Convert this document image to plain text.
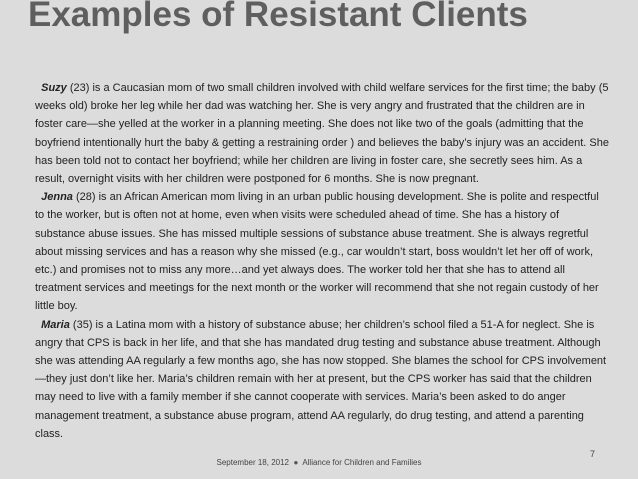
Examples of Resistant Clients

Suzy (23) is a Caucasian mom of two small children involved with child welfare services for the first time; the baby (5 weeks old) broke her leg while her dad was watching her. She is very angry and frustrated that the children are in foster care—she yelled at the worker in a planning meeting. She does not like two of the goals (admitting that the boyfriend intentionally hurt the baby & getting a restraining order ) and believes the baby’s injury was an accident. She has been told not to contact her boyfriend; while her children are living in foster care, she secretly sees him. As a result, overnight visits with her children were postponed for 6 months. She is now pregnant.

Jenna (28) is an African American mom living in an urban public housing development. She is polite and respectful to the worker, but is often not at home, even when visits were scheduled ahead of time. She has a history of substance abuse issues. She has missed multiple sessions of substance abuse treatment. She is always regretful about missing services and has a reason why she missed (e.g., car wouldn’t start, boss wouldn’t let her off of work, etc.) and promises not to miss any more…and yet always does. The worker told her that she has to attend all treatment services and meetings for the next month or the worker will recommend that she not regain custody of her little boy.

Maria (35) is a Latina mom with a history of substance abuse; her children’s school filed a 51-A for neglect. She is angry that CPS is back in her life, and that she has mandated drug testing and substance abuse treatment. Although she was attending AA regularly a few months ago, she has now stopped. She blames the school for CPS involvement—they just don’t like her. Maria’s children remain with her at present, but the CPS worker has said that the children may need to live with a family member if she cannot cooperate with services. Maria’s been asked to do anger management treatment, a substance abuse program, attend AA regularly, do drug testing, and attend a parenting class.

September 18, 2012 ● Alliance for Children and Families
7
